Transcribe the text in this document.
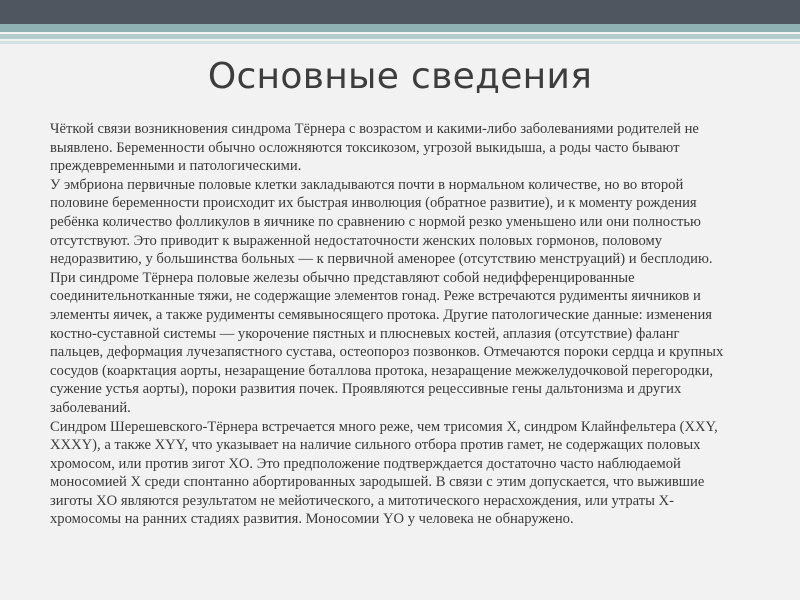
Основные сведения

Чёткой связи возникновения синдрома Тёрнера с возрастом и какими-либо заболеваниями родителей не выявлено. Беременности обычно осложняются токсикозом, угрозой выкидыша, а роды часто бывают преждевременными и патологическими.

У эмбриона первичные половые клетки закладываются почти в нормальном количестве, но во второй половине беременности происходит их быстрая инволюция (обратное развитие), и к моменту рождения ребёнка количество фолликулов в яичнике по сравнению с нормой резко уменьшено или они полностью отсутствуют. Это приводит к выраженной недостаточности женских половых гормонов, половому недоразвитию, у большинства больных — к первичной аменорее (отсутствию менструаций) и бесплодию.

При синдроме Тёрнера половые железы обычно представляют собой недифференцированные соединительнотканные тяжи, не содержащие элементов гонад. Реже встречаются рудименты яичников и элементы яичек, а также рудименты семявыносящего протока. Другие патологические данные: изменения костно-суставной системы — укорочение пястных и плюсневых костей, аплазия (отсутствие) фаланг пальцев, деформация лучезапястного сустава, остеопороз позвонков. Отмечаются пороки сердца и крупных сосудов (коарктация аорты, незаращение боталлова протока, незаращение межжелудочковой перегородки, сужение устья аорты), пороки развития почек. Проявляются рецессивные гены дальтонизма и других заболеваний.

Синдром Шерешевского-Тёрнера встречается много реже, чем трисомия X, синдром Клайнфельтера (XXY, XXXY), а также XYY, что указывает на наличие сильного отбора против гамет, не содержащих половых хромосом, или против зигот XO. Это предположение подтверждается достаточно часто наблюдаемой моносомией X среди спонтанно абортированных зародышей. В связи с этим допускается, что выжившие зиготы XO являются результатом не мейотического, а митотического нерасхождения, или утраты X-хромосомы на ранних стадиях развития. Моносомии YO у человека не обнаружено.
